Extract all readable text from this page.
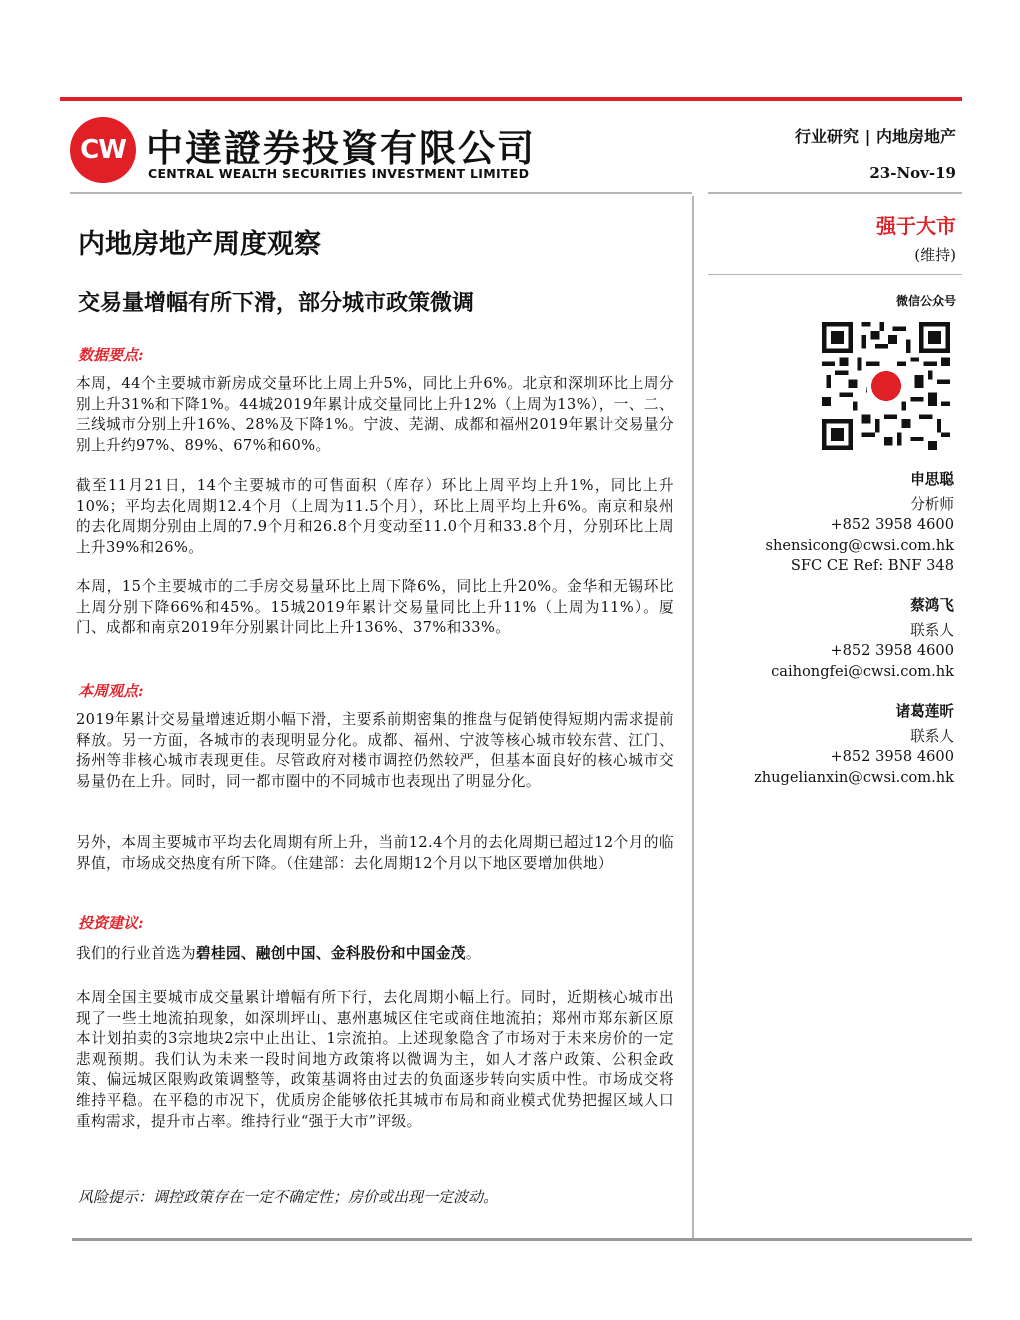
CW 中達證券投資有限公司
CENTRAL WEALTH SECURITIES INVESTMENT LIMITED
行业研究 | 内地房地产
23-Nov-19
内地房地产周度观察
交易量增幅有所下滑，部分城市政策微调
数据要点:
本周，44个主要城市新房成交量环比上周上升5%，同比上升6%。北京和深圳环比上周分别上升31%和下降1%。44城2019年累计成交量同比上升12%（上周为13%），一、二、三线城市分别上升16%、28%及下降1%。宁波、芜湖、成都和福州2019年累计交易量分别上升约97%、89%、67%和60%。
截至11月21日，14个主要城市的可售面积（库存）环比上周平均上升1%，同比上升10%；平均去化周期12.4个月（上周为11.5个月），环比上周平均上升6%。南京和泉州的去化周期分别由上周的7.9个月和26.8个月变动至11.0个月和33.8个月，分别环比上周上升39%和26%。
本周，15个主要城市的二手房交易量环比上周下降6%，同比上升20%。金华和无锡环比上周分别下降66%和45%。15城2019年累计交易量同比上升11%（上周为11%）。厦门、成都和南京2019年分别累计同比上升136%、37%和33%。
本周观点:
2019年累计交易量增速近期小幅下滑，主要系前期密集的推盘与促销使得短期内需求提前释放。另一方面，各城市的表现明显分化。成都、福州、宁波等核心城市较东营、江门、扬州等非核心城市表现更佳。尽管政府对楼市调控仍然较严，但基本面良好的核心城市交易量仍在上升。同时，同一都市圈中的不同城市也表现出了明显分化。
另外，本周主要城市平均去化周期有所上升，当前12.4个月的去化周期已超过12个月的临界值，市场成交热度有所下降。（住建部：去化周期12个月以下地区要增加供地）
投资建议:
我们的行业首选为碧桂园、融创中国、金科股份和中国金茂。
本周全国主要城市成交量累计增幅有所下行，去化周期小幅上行。同时，近期核心城市出现了一些土地流拍现象，如深圳坪山、惠州惠城区住宅或商住地流拍；郑州市郑东新区原本计划拍卖的3宗地块2宗中止出让、1宗流拍。上述现象隐含了市场对于未来房价的一定悲观预期。我们认为未来一段时间地方政策将以微调为主，如人才落户政策、公积金政策、偏远城区限购政策调整等，政策基调将由过去的负面逐步转向实质中性。市场成交将维持平稳。在平稳的市况下，优质房企能够依托其城市布局和商业模式优势把握区域人口重构需求，提升市占率。维持行业“强于大市”评级。
风险提示：调控政策存在一定不确定性；房价或出现一定波动。
强于大市
(维持)
微信公众号
申思聪
分析师
+852 3958 4600
shensicong@cwsi.com.hk
SFC CE Ref: BNF 348
蔡鸿飞
联系人
+852 3958 4600
caihongfei@cwsi.com.hk
诸葛莲昕
联系人
+852 3958 4600
zhugelianxin@cwsi.com.hk
